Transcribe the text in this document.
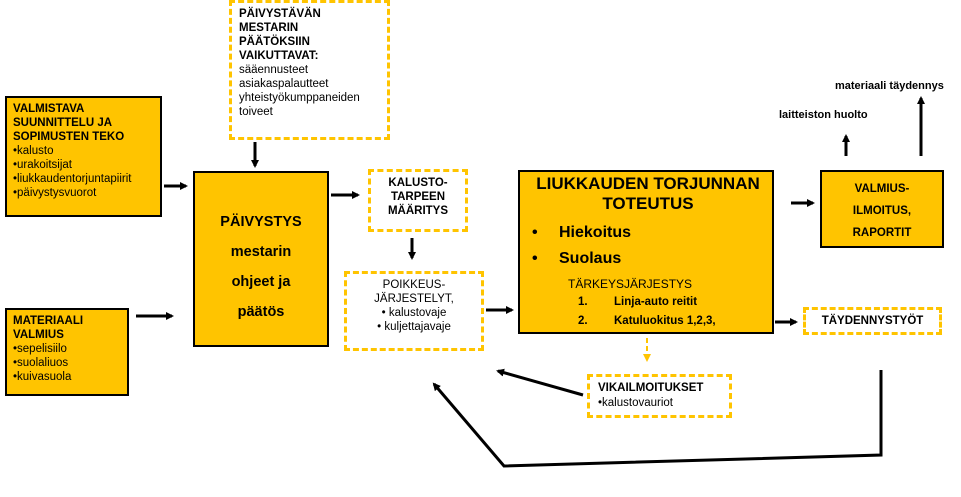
VALMISTAVA SUUNNITTELU JA SOPIMUSTEN TEKO
• kalusto
• urakoitsijat
• liukkaudentorjuntapiirit
• päivystysvuorot
MATERIAALI VALMIUS
• sepelisiilo
• suolaliuos
• kuivasuola
PÄIVYSTÄVÄN MESTARIN PÄÄTÖKSIIN VAIKUTTAVAT:
sääennusteet
asiakaspalautteet
yhteistyökumppaneiden toiveet
PÄIVYSTYS
mestarin
ohjeet ja
päätös
KALUSTO-TARPEEN MÄÄRITYS
POIKKEUS-JÄRJESTELYT,
• kalustovaje
• kuljettajavaje
LIUKKAUDEN TORJUNNAN TOTEUTUS
• Hiekoitus
• Suolaus
TÄRKEYSJÄRJESTYS
1. Linja-auto reitit
2. Katuluokitus 1,2,3,
VALMIUS-
ILMOITUS,
RAPORTIT
TÄYDENNYSTYÖT
VIKAILMOITUKSET
•kalustovauriot
laitteiston huolto
materiaali täydennys
